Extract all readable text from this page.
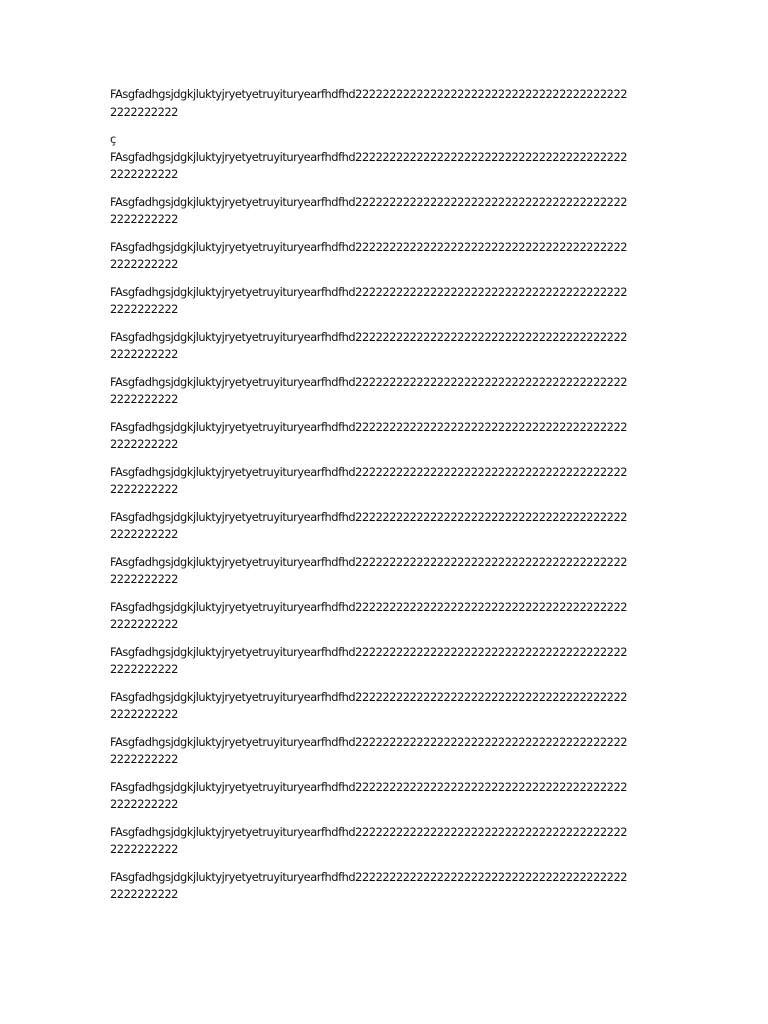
FAsgfadhgsjdgkjluktyjryetyetruyituryearfhdfhd2222222222222222222222222222222222222222
2222222222
ç
FAsgfadhgsjdgkjluktyjryetyetruyituryearfhdfhd2222222222222222222222222222222222222222
2222222222
FAsgfadhgsjdgkjluktyjryetyetruyituryearfhdfhd2222222222222222222222222222222222222222
2222222222
FAsgfadhgsjdgkjluktyjryetyetruyituryearfhdfhd2222222222222222222222222222222222222222
2222222222
FAsgfadhgsjdgkjluktyjryetyetruyituryearfhdfhd2222222222222222222222222222222222222222
2222222222
FAsgfadhgsjdgkjluktyjryetyetruyituryearfhdfhd2222222222222222222222222222222222222222
2222222222
FAsgfadhgsjdgkjluktyjryetyetruyituryearfhdfhd2222222222222222222222222222222222222222
2222222222
FAsgfadhgsjdgkjluktyjryetyetruyituryearfhdfhd2222222222222222222222222222222222222222
2222222222
FAsgfadhgsjdgkjluktyjryetyetruyituryearfhdfhd2222222222222222222222222222222222222222
2222222222
FAsgfadhgsjdgkjluktyjryetyetruyituryearfhdfhd2222222222222222222222222222222222222222
2222222222
FAsgfadhgsjdgkjluktyjryetyetruyituryearfhdfhd2222222222222222222222222222222222222222
2222222222
FAsgfadhgsjdgkjluktyjryetyetruyituryearfhdfhd2222222222222222222222222222222222222222
2222222222
FAsgfadhgsjdgkjluktyjryetyetruyituryearfhdfhd2222222222222222222222222222222222222222
2222222222
FAsgfadhgsjdgkjluktyjryetyetruyituryearfhdfhd2222222222222222222222222222222222222222
2222222222
FAsgfadhgsjdgkjluktyjryetyetruyituryearfhdfhd2222222222222222222222222222222222222222
2222222222
FAsgfadhgsjdgkjluktyjryetyetruyituryearfhdfhd2222222222222222222222222222222222222222
2222222222
FAsgfadhgsjdgkjluktyjryetyetruyituryearfhdfhd2222222222222222222222222222222222222222
2222222222
FAsgfadhgsjdgkjluktyjryetyetruyituryearfhdfhd2222222222222222222222222222222222222222
2222222222
